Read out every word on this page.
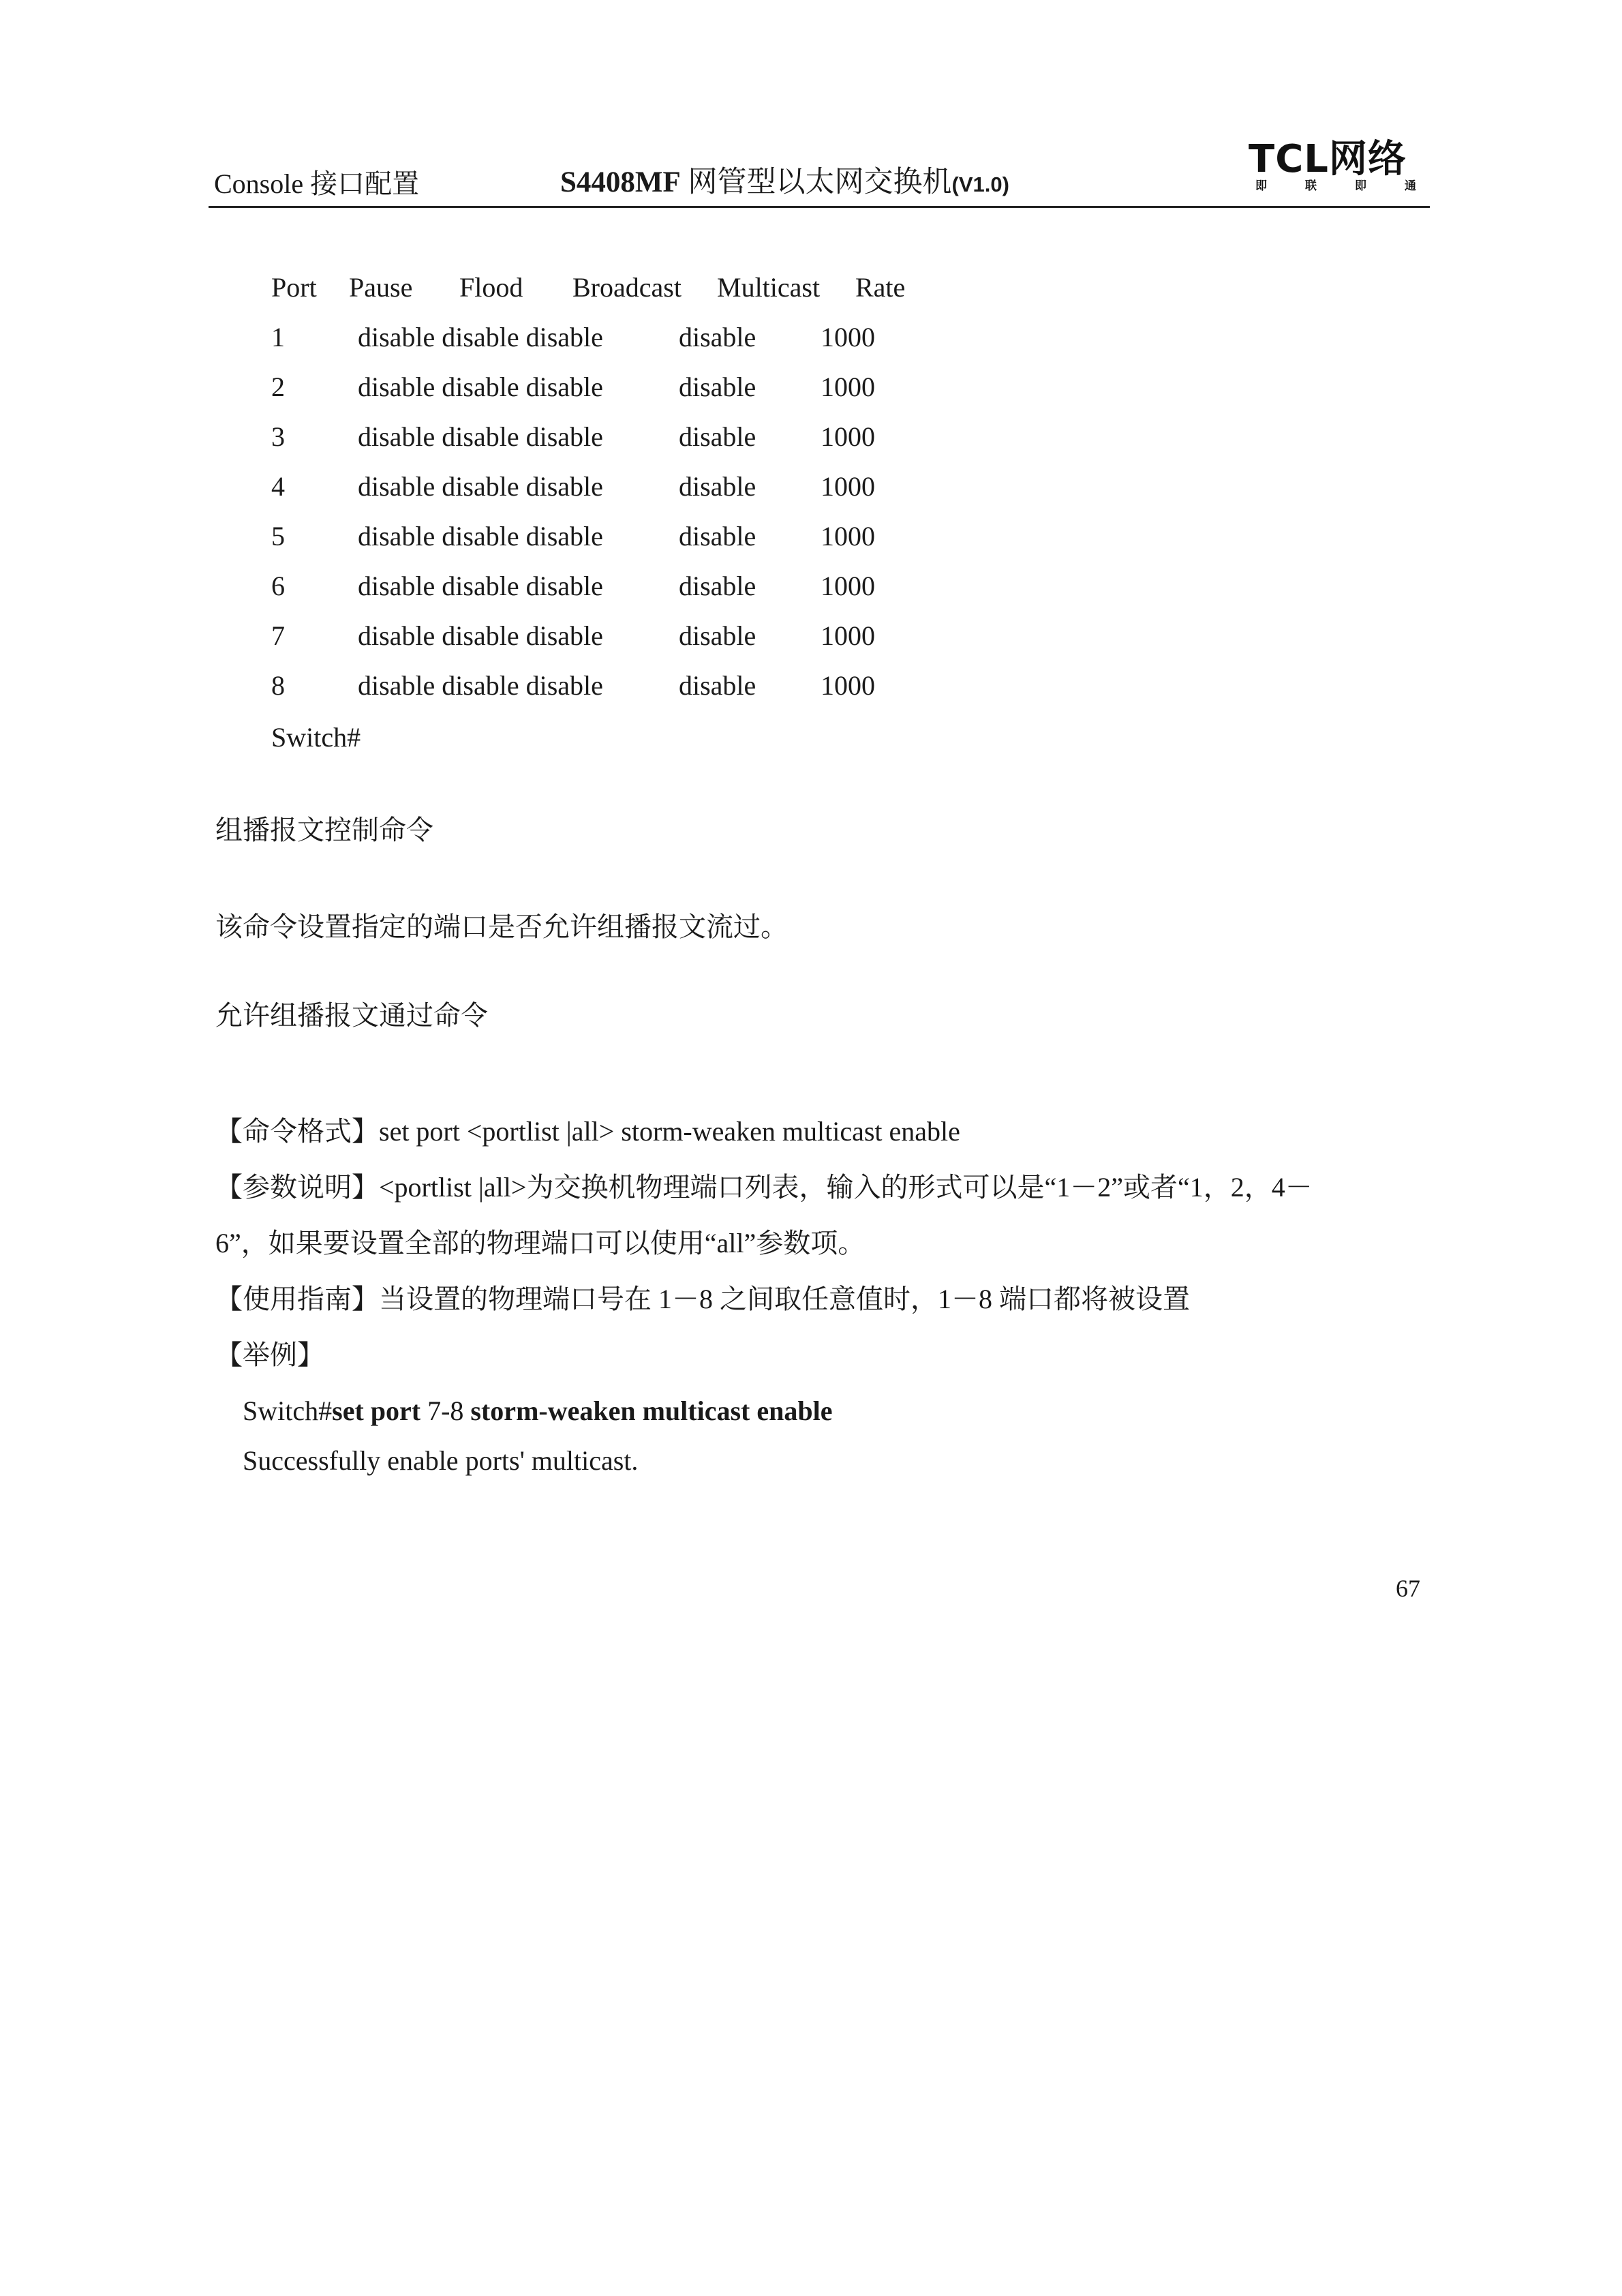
Console 接口配置	S4408MF 网管型以太网交换机(V1.0)
TCL网络
即	联	即	通
Port Pause Flood Broadcast Multicast Rate
1	disable disable disable	disable 1000
2	disable disable disable	disable 1000
3	disable disable disable	disable 1000
4	disable disable disable	disable 1000
5	disable disable disable	disable 1000
6	disable disable disable	disable 1000
7	disable disable disable	disable 1000
8	disable disable disable	disable 1000
Switch#
组播报文控制命令
该命令设置指定的端口是否允许组播报文流过。
允许组播报文通过命令
【命令格式】set port <portlist |all> storm-weaken multicast enable
【参数说明】<portlist |all>为交换机物理端口列表，输入的形式可以是“1－2”或者“1，2，4－
6”，如果要设置全部的物理端口可以使用“all”参数项。
【使用指南】当设置的物理端口号在 1－8 之间取任意值时，1－8 端口都将被设置
【举例】
Switch#set port 7-8 storm-weaken multicast enable
Successfully enable ports' multicast.
67
